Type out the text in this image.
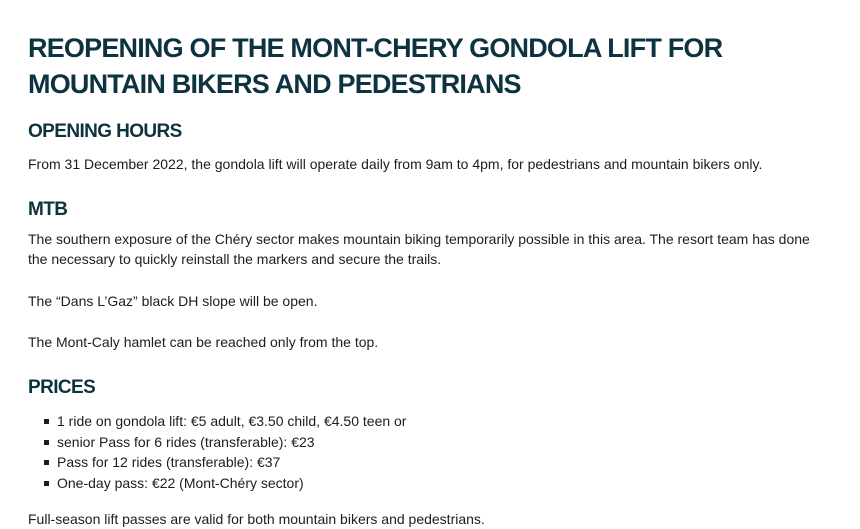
REOPENING OF THE MONT-CHERY GONDOLA LIFT FOR MOUNTAIN BIKERS AND PEDESTRIANS
OPENING HOURS

From 31 December 2022, the gondola lift will operate daily from 9am to 4pm, for pedestrians and mountain bikers only.

MTB

The southern exposure of the Chéry sector makes mountain biking temporarily possible in this area. The resort team has done the necessary to quickly reinstall the markers and secure the trails.

The “Dans L’Gaz” black DH slope will be open.

The Mont-Caly hamlet can be reached only from the top.

PRICES
1 ride on gondola lift: €5 adult, €3.50 child, €4.50 teen or
senior Pass for 6 rides (transferable): €23
Pass for 12 rides (transferable): €37
One-day pass: €22 (Mont-Chéry sector)

Full-season lift passes are valid for both mountain bikers and pedestrians.
